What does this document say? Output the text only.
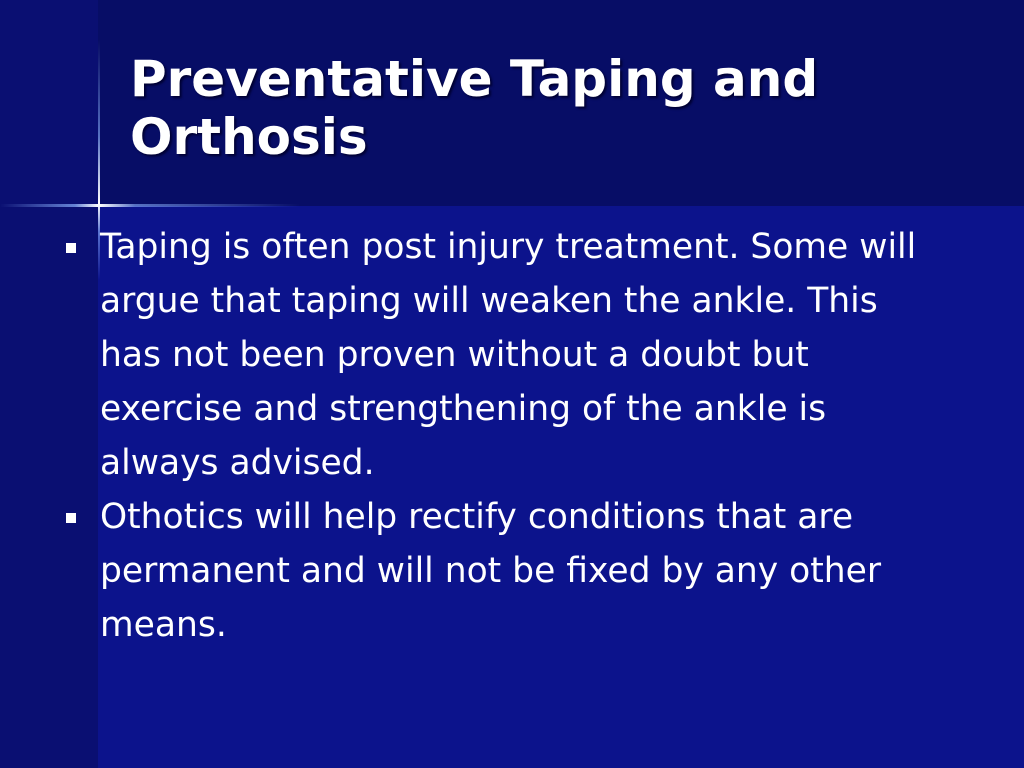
Preventative Taping and Orthosis
Taping is often post injury treatment. Some will argue that taping will weaken the ankle. This has not been proven without a doubt but exercise and strengthening of the ankle is always advised.
Othotics will help rectify conditions that are permanent and will not be fixed by any other means.
